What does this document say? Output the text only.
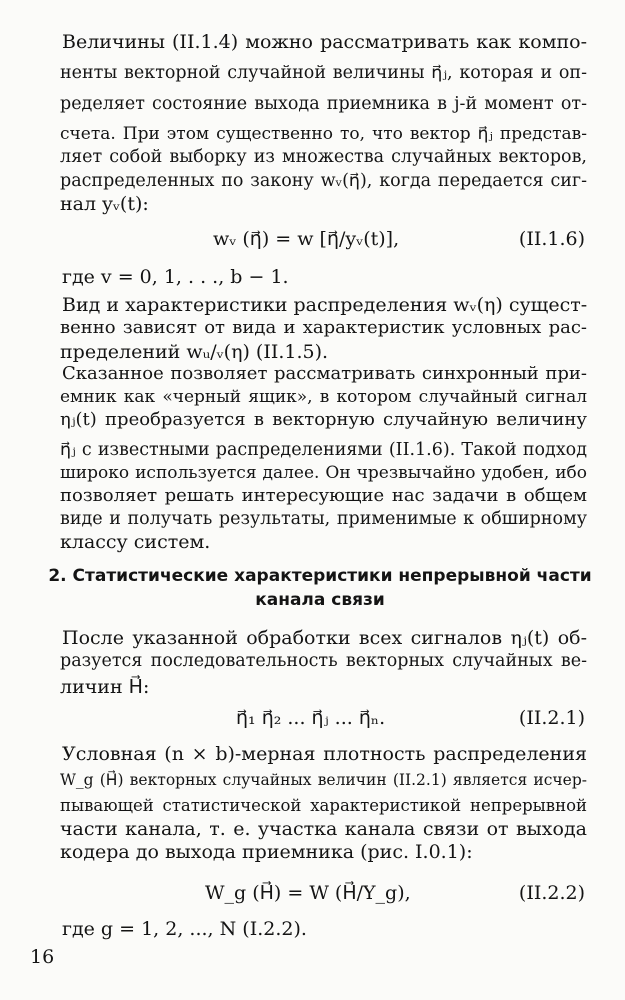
Величины (II.1.4) можно рассматривать как компо-
ненты векторной случайной величины η⃗ⱼ, которая и оп-
ределяет состояние выхода приемника в j-й момент от-
счета. При этом существенно то, что вектор η⃗ⱼ представ-
ляет собой выборку из множества случайных векторов,
распределенных по закону wᵥ(η⃗), когда передается сиг-
нал yᵥ(t):
wᵥ (η⃗) = w [η⃗/yᵥ(t)],	(II.1.6)
где v = 0, 1, . . ., b − 1.
Вид и характеристики распределения wᵥ(η) сущест-
венно зависят от вида и характеристик условных рас-
пределений wᵤ/ᵥ(η) (II.1.5).
Сказанное позволяет рассматривать синхронный при-
емник как «черный ящик», в котором случайный сигнал
ηⱼ(t) преобразуется в векторную случайную величину
η⃗ⱼ с известными распределениями (II.1.6). Такой подход
широко используется далее. Он чрезвычайно удобен, ибо
позволяет решать интересующие нас задачи в общем
виде и получать результаты, применимые к обширному
классу систем.
2. Статистические характеристики непрерывной части
канала связи
После указанной обработки всех сигналов ηⱼ(t) об-
разуется последовательность векторных случайных ве-
личин H⃗:
η⃗₁ η⃗₂ ... η⃗ⱼ ... η⃗ₙ.	(II.2.1)
Условная (n × b)-мерная плотность распределения
W_g (H⃗) векторных случайных величин (II.2.1) является исчер-
пывающей статистической характеристикой непрерывной
части канала, т. е. участка канала связи от выхода
кодера до выхода приемника (рис. I.0.1):
W_g (H⃗) = W (H⃗/Y_g),	(II.2.2)
где g = 1, 2, ..., N (I.2.2).
16
